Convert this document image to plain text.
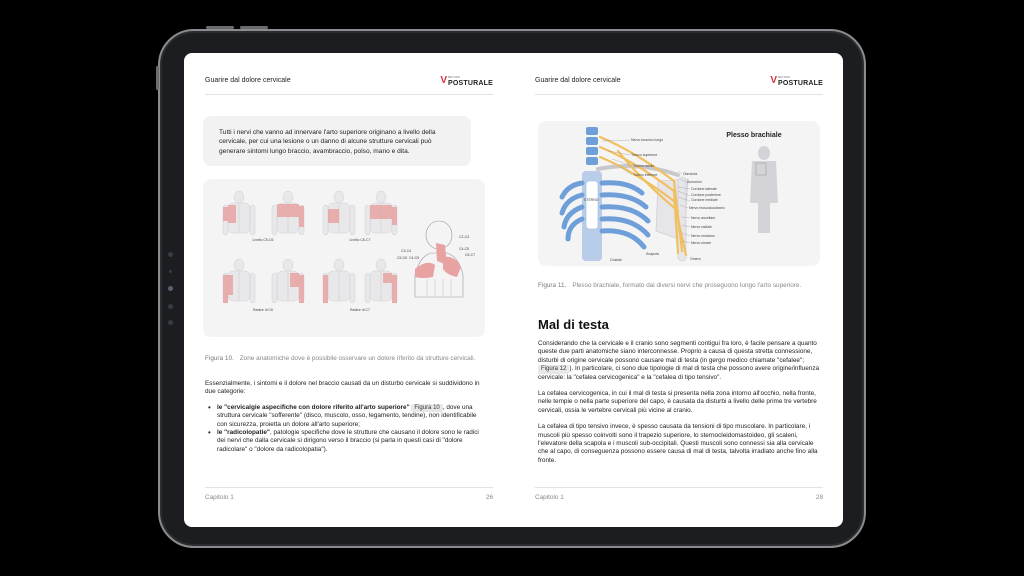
Guarire dal dolore cervicale	V METODO
POSTURALE
Tutti i nervi che vanno ad innervare l'arto superiore originano a livello della cervicale, per cui una lesione o un danno di alcune strutture cervicali può generare sintomi lungo braccio, avambraccio, polso, mano e dita.
Livello C5-C6	Livello C6-C7
Radice di C6	Radice di C7
C3-C4
C4-C5
C5-C6
C2-C3
C4-C5
C6-C7
Figura 10. Zone anatomiche dove è possibile osservare un dolore riferito da strutture cervicali.

Essenzialmente, i sintomi e il dolore nel braccio causati da un disturbo cervicale si suddividono in due categorie:

• le "cervicalgie aspecifiche con dolore riferito all'arto superiore" Figura 10 , dove una struttura cervicale "sofferente" (disco, muscolo, osso, legamento, tendine), non identificabile con sicurezza, proietta un dolore all'arto superiore;
• le "radicolopatie", patologie specifiche dove le strutture che causano il dolore sono le radici dei nervi che dalla cervicale si dirigono verso il braccio (si parla in questi casi di "dolore radicolare" o "dolore da radicolopatia").
Capitolo 1	26
Guarire dal dolore cervicale	V METODO
POSTURALE
STERNO
Nervo toracico lungo
Tronco superiore
Tronco medio
Tronco inferiore	Clavicola
Acromion
Cordone laterale
Cordone posteriore
Cordone mediale
Nervo muscolocutaneo
Nervo ascellare
Nervo radiale
Nervo mediano
Nervo ulnare
Omero
Scapola
Costole
Plesso brachiale
Figura 11. Plesso brachiale, formato dai diversi nervi che proseguono lungo l'arto superiore.
Mal di testa

Considerando che la cervicale e il cranio sono segmenti contigui fra loro, è facile pensare a quanto queste due parti anatomiche siano interconnesse. Proprio a causa di questa stretta connessione, disturbi di origine cervicale possono causare mal di testa (in gergo medico chiamate "cefalee"; Figura 12 ). In particolare, ci sono due tipologie di mal di testa che possono avere origine/influenza cervicale: la "cefalea cervicogenica" e la "cefalea di tipo tensivo".

La cefalea cervicogenica, in cui il mal di testa si presenta nella zona intorno all'occhio, nella fronte, nelle tempie o nella parte superiore del capo, è causata da disturbi a livello delle prime tre vertebre cervicali, ossia le vertebre cervicali più vicine al cranio.

La cefalea di tipo tensivo invece, è spesso causata da tensioni di tipo muscolare. In particolare, i muscoli più spesso coinvolti sono il trapezio superiore, lo sternocleidomastoideo, gli scaleni, l'elevatore della scapola e i muscoli sub-occipitali. Questi muscoli sono connessi sia alla cervicale che al capo, di conseguenza possono essere causa di mal di testa, talvolta irradiato anche fino alla fronte.

Capitolo 1	28
